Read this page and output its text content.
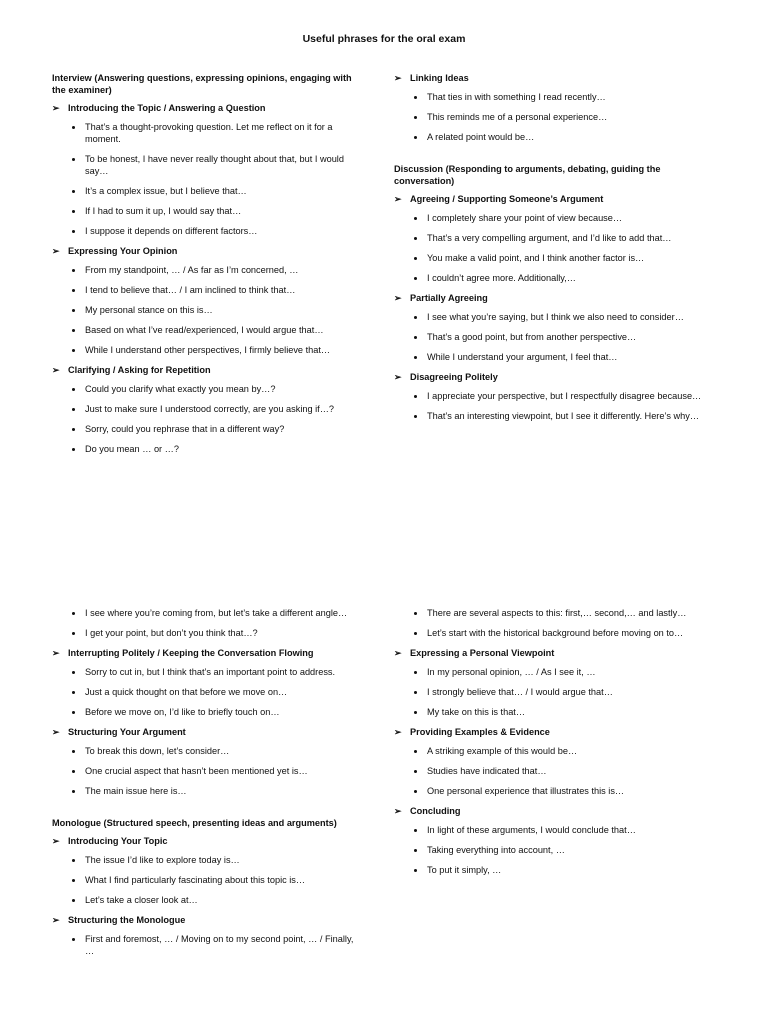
Useful phrases for the oral exam
Interview (Answering questions, expressing opinions, engaging with the examiner)
➢ Introducing the Topic / Answering a Question
That’s a thought-provoking question. Let me reflect on it for a moment.
To be honest, I have never really thought about that, but I would say…
It’s a complex issue, but I believe that…
If I had to sum it up, I would say that…
I suppose it depends on different factors…
➢ Expressing Your Opinion
From my standpoint, … / As far as I’m concerned, …
I tend to believe that… / I am inclined to think that…
My personal stance on this is…
Based on what I’ve read/experienced, I would argue that…
While I understand other perspectives, I firmly believe that…
➢ Clarifying / Asking for Repetition
Could you clarify what exactly you mean by…?
Just to make sure I understood correctly, are you asking if…?
Sorry, could you rephrase that in a different way?
Do you mean … or …?
➢ Linking Ideas
That ties in with something I read recently…
This reminds me of a personal experience…
A related point would be…
Discussion (Responding to arguments, debating, guiding the conversation)
➢ Agreeing / Supporting Someone’s Argument
I completely share your point of view because…
That’s a very compelling argument, and I’d like to add that…
You make a valid point, and I think another factor is…
I couldn’t agree more. Additionally,…
➢ Partially Agreeing
I see what you’re saying, but I think we also need to consider…
That’s a good point, but from another perspective…
While I understand your argument, I feel that…
➢ Disagreeing Politely
I appreciate your perspective, but I respectfully disagree because…
That’s an interesting viewpoint, but I see it differently. Here’s why…
I see where you’re coming from, but let’s take a different angle…
I get your point, but don’t you think that…?
➢ Interrupting Politely / Keeping the Conversation Flowing
Sorry to cut in, but I think that’s an important point to address.
Just a quick thought on that before we move on…
Before we move on, I’d like to briefly touch on…
➢ Structuring Your Argument
To break this down, let’s consider…
One crucial aspect that hasn’t been mentioned yet is…
The main issue here is…
Monologue (Structured speech, presenting ideas and arguments)
➢ Introducing Your Topic
The issue I’d like to explore today is…
What I find particularly fascinating about this topic is…
Let’s take a closer look at…
➢ Structuring the Monologue
First and foremost, … / Moving on to my second point, … / Finally, …
There are several aspects to this: first,… second,… and lastly…
Let’s start with the historical background before moving on to…
➢ Expressing a Personal Viewpoint
In my personal opinion, … / As I see it, …
I strongly believe that… / I would argue that…
My take on this is that…
➢ Providing Examples & Evidence
A striking example of this would be…
Studies have indicated that…
One personal experience that illustrates this is…
➢ Concluding
In light of these arguments, I would conclude that…
Taking everything into account, …
To put it simply, …
